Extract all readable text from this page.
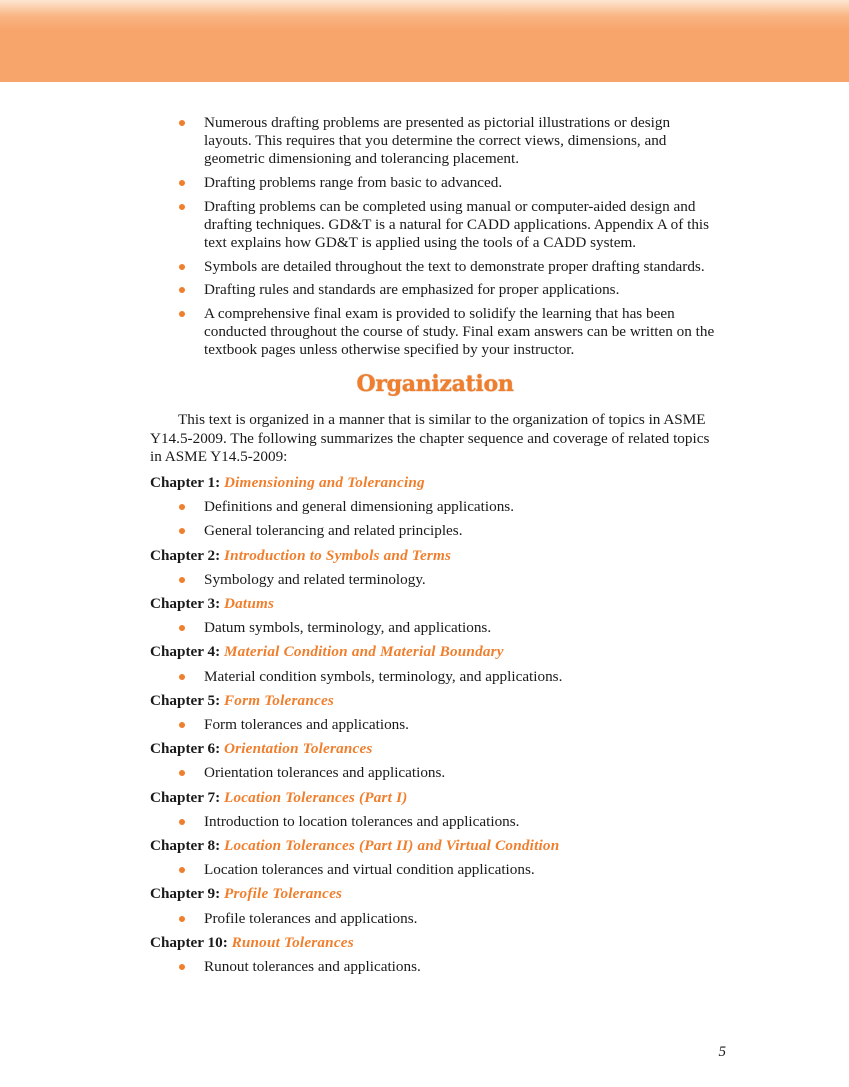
Numerous drafting problems are presented as pictorial illustrations or design layouts. This requires that you determine the correct views, dimensions, and geometric dimensioning and tolerancing placement.
Drafting problems range from basic to advanced.
Drafting problems can be completed using manual or computer-aided design and drafting techniques. GD&T is a natural for CADD applications. Appendix A of this text explains how GD&T is applied using the tools of a CADD system.
Symbols are detailed throughout the text to demonstrate proper drafting standards.
Drafting rules and standards are emphasized for proper applications.
A comprehensive final exam is provided to solidify the learning that has been conducted throughout the course of study. Final exam answers can be written on the textbook pages unless otherwise specified by your instructor.
Organization

This text is organized in a manner that is similar to the organization of topics in ASME Y14.5-2009. The following summarizes the chapter sequence and coverage of related topics in ASME Y14.5-2009:

Chapter 1: Dimensioning and Tolerancing

Definitions and general dimensioning applications.
General tolerancing and related principles.

Chapter 2: Introduction to Symbols and Terms

Symbology and related terminology.

Chapter 3: Datums

Datum symbols, terminology, and applications.

Chapter 4: Material Condition and Material Boundary

Material condition symbols, terminology, and applications.

Chapter 5: Form Tolerances

Form tolerances and applications.

Chapter 6: Orientation Tolerances

Orientation tolerances and applications.

Chapter 7: Location Tolerances (Part I)

Introduction to location tolerances and applications.

Chapter 8: Location Tolerances (Part II) and Virtual Condition

Location tolerances and virtual condition applications.

Chapter 9: Profile Tolerances

Profile tolerances and applications.

Chapter 10: Runout Tolerances

Runout tolerances and applications.
5
